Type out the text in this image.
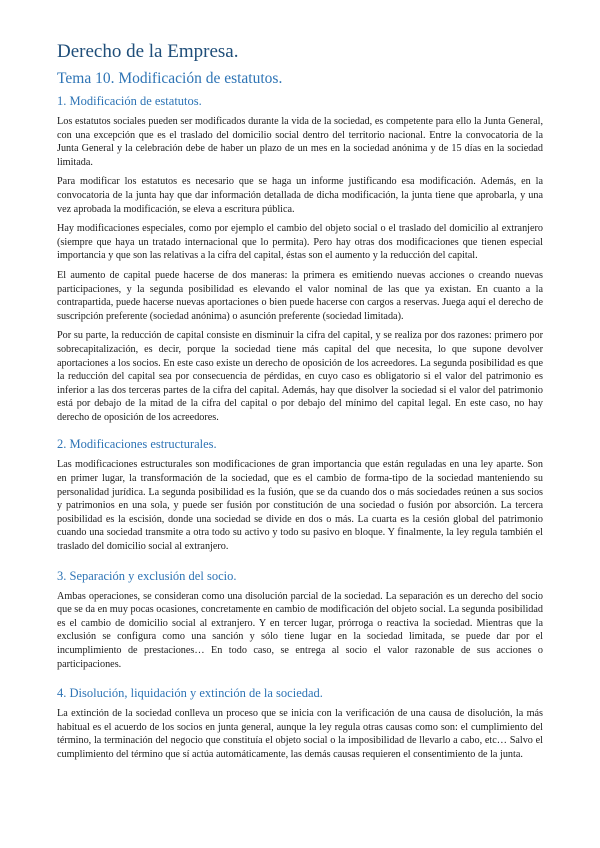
Derecho de la Empresa.
Tema 10. Modificación de estatutos.
1. Modificación de estatutos.

Los estatutos sociales pueden ser modificados durante la vida de la sociedad, es competente para ello la Junta General, con una excepción que es el traslado del domicilio social dentro del territorio nacional. Entre la convocatoria de la Junta General y la celebración debe de haber un plazo de un mes en la sociedad anónima y de 15 días en la sociedad limitada.

Para modificar los estatutos es necesario que se haga un informe justificando esa modificación. Además, en la convocatoria de la junta hay que dar información detallada de dicha modificación, la junta tiene que aprobarla, y una vez aprobada la modificación, se eleva a escritura pública.

Hay modificaciones especiales, como por ejemplo el cambio del objeto social o el traslado del domicilio al extranjero (siempre que haya un tratado internacional que lo permita). Pero hay otras dos modificaciones que tienen especial importancia y que son las relativas a la cifra del capital, éstas son el aumento y la reducción del capital.

El aumento de capital puede hacerse de dos maneras: la primera es emitiendo nuevas acciones o creando nuevas participaciones, y la segunda posibilidad es elevando el valor nominal de las que ya existan. En cuanto a la contrapartida, puede hacerse nuevas aportaciones o bien puede hacerse con cargos a reservas. Juega aquí el derecho de suscripción preferente (sociedad anónima) o asunción preferente (sociedad limitada).

Por su parte, la reducción de capital consiste en disminuir la cifra del capital, y se realiza por dos razones: primero por sobrecapitalización, es decir, porque la sociedad tiene más capital del que necesita, lo que supone devolver aportaciones a los socios. En este caso existe un derecho de oposición de los acreedores. La segunda posibilidad es que la reducción del capital sea por consecuencia de pérdidas, en cuyo caso es obligatorio si el valor del patrimonio es inferior a las dos terceras partes de la cifra del capital. Además, hay que disolver la sociedad si el valor del patrimonio está por debajo de la mitad de la cifra del capital o por debajo del mínimo del capital legal. En este caso, no hay derecho de oposición de los acreedores.

2. Modificaciones estructurales.

Las modificaciones estructurales son modificaciones de gran importancia que están reguladas en una ley aparte. Son en primer lugar, la transformación de la sociedad, que es el cambio de forma-tipo de la sociedad manteniendo su personalidad jurídica. La segunda posibilidad es la fusión, que se da cuando dos o más sociedades reúnen a sus socios y patrimonios en una sola, y puede ser fusión por constitución de una sociedad o fusión por absorción. La tercera posibilidad es la escisión, donde una sociedad se divide en dos o más. La cuarta es la cesión global del patrimonio cuando una sociedad transmite a otra todo su activo y todo su pasivo en bloque. Y finalmente, la ley regula también el traslado del domicilio social al extranjero.

3. Separación y exclusión del socio.

Ambas operaciones, se consideran como una disolución parcial de la sociedad. La separación es un derecho del socio que se da en muy pocas ocasiones, concretamente en cambio de modificación del objeto social. La segunda posibilidad es el cambio de domicilio social al extranjero. Y en tercer lugar, prórroga o reactiva la sociedad. Mientras que la exclusión se configura como una sanción y sólo tiene lugar en la sociedad limitada, se puede dar por el incumplimiento de prestaciones… En todo caso, se entrega al socio el valor razonable de sus acciones o participaciones.

4. Disolución, liquidación y extinción de la sociedad.

La extinción de la sociedad conlleva un proceso que se inicia con la verificación de una causa de disolución, la más habitual es el acuerdo de los socios en junta general, aunque la ley regula otras causas como son: el cumplimiento del término, la terminación del negocio que constituía el objeto social o la imposibilidad de llevarlo a cabo, etc… Salvo el cumplimiento del término que sí actúa automáticamente, las demás causas requieren el consentimiento de la junta.
